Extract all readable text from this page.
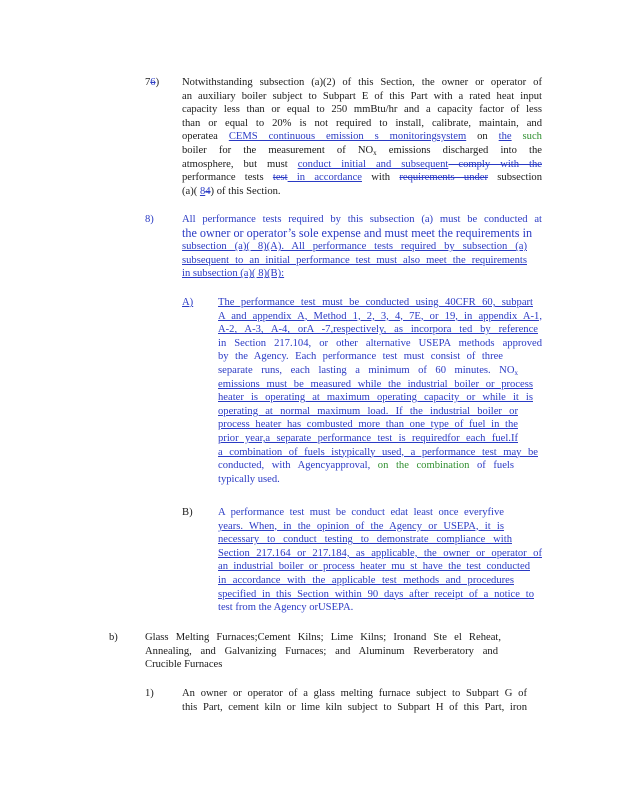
76) Notwithstanding subsection (a)(2) of this Section, the owner or operator of
an auxiliary boiler subject to Subpart E of this Part with a rated heat input
capacity less than or equal to 250 mmBtu/hr and a capacity factor of less
than or equal to 20% is not required to install, calibrate, maintain, and
operatea CEMS continuous emission s monitoringsystem on the such
boiler for the measurement of $NO_x$ emissions discharged into the
atmosphere, but must conduct initial and subsequent comply with the
performance tests test in accordance with requirements under subsection
(a)( 84) of this Section.
8)	All performance tests required by this subsection (a) must be conducted at
the owner or operator’s sole expense and must meet the requirements in
subsection (a)( 8)(A). All performance tests required by subsection (a)
subsequent to an initial performance test must also meet the requirements
in subsection (a)( 8)(B):
A) The performance test must be conducted using 40CFR 60, subpart
A and appendix A, Method 1, 2, 3, 4, 7E, or 19, in appendix A-1,
A-2, A-3, A-4, orA -7,respectively, as incorpora ted by reference
in Section 217.104, or other alternative USEPA methods approved
by the Agency. Each performance test must consist of three
separate runs, each lasting a minimum of 60 minutes. $NO_x$
emissions must be measured while the industrial boiler or process
heater is operating at maximum operating capacity or while it is
operating at normal maximum load. If the industrial boiler or
process heater has combusted more than one type of fuel in the
prior year,a separate performance test is requiredfor each fuel.If
a combination of fuels istypically used, a performance test may be
conducted, with Agencyapproval, on the combination of fuels
typically used.
B) A performance test must be conduct edat least once everyfive
years. When, in the opinion of the Agency or USEPA, it is
necessary to conduct testing to demonstrate compliance with
Section 217.164 or 217.184, as applicable, the owner or operator of
an industrial boiler or process heater mu st have the test conducted
in accordance with the applicable test methods and procedures
specified in this Section within 90 days after receipt of a notice to
test from the Agency orUSEPA.
b)	Glass Melting Furnaces;Cement Kilns; Lime Kilns; Ironand Ste el Reheat,
Annealing, and Galvanizing Furnaces; and Aluminum Reverberatory and
Crucible Furnaces
1)	An owner or operator of a glass melting furnace subject to Subpart G of
this Part, cement kiln or lime kiln subject to Subpart H of this Part, iron
